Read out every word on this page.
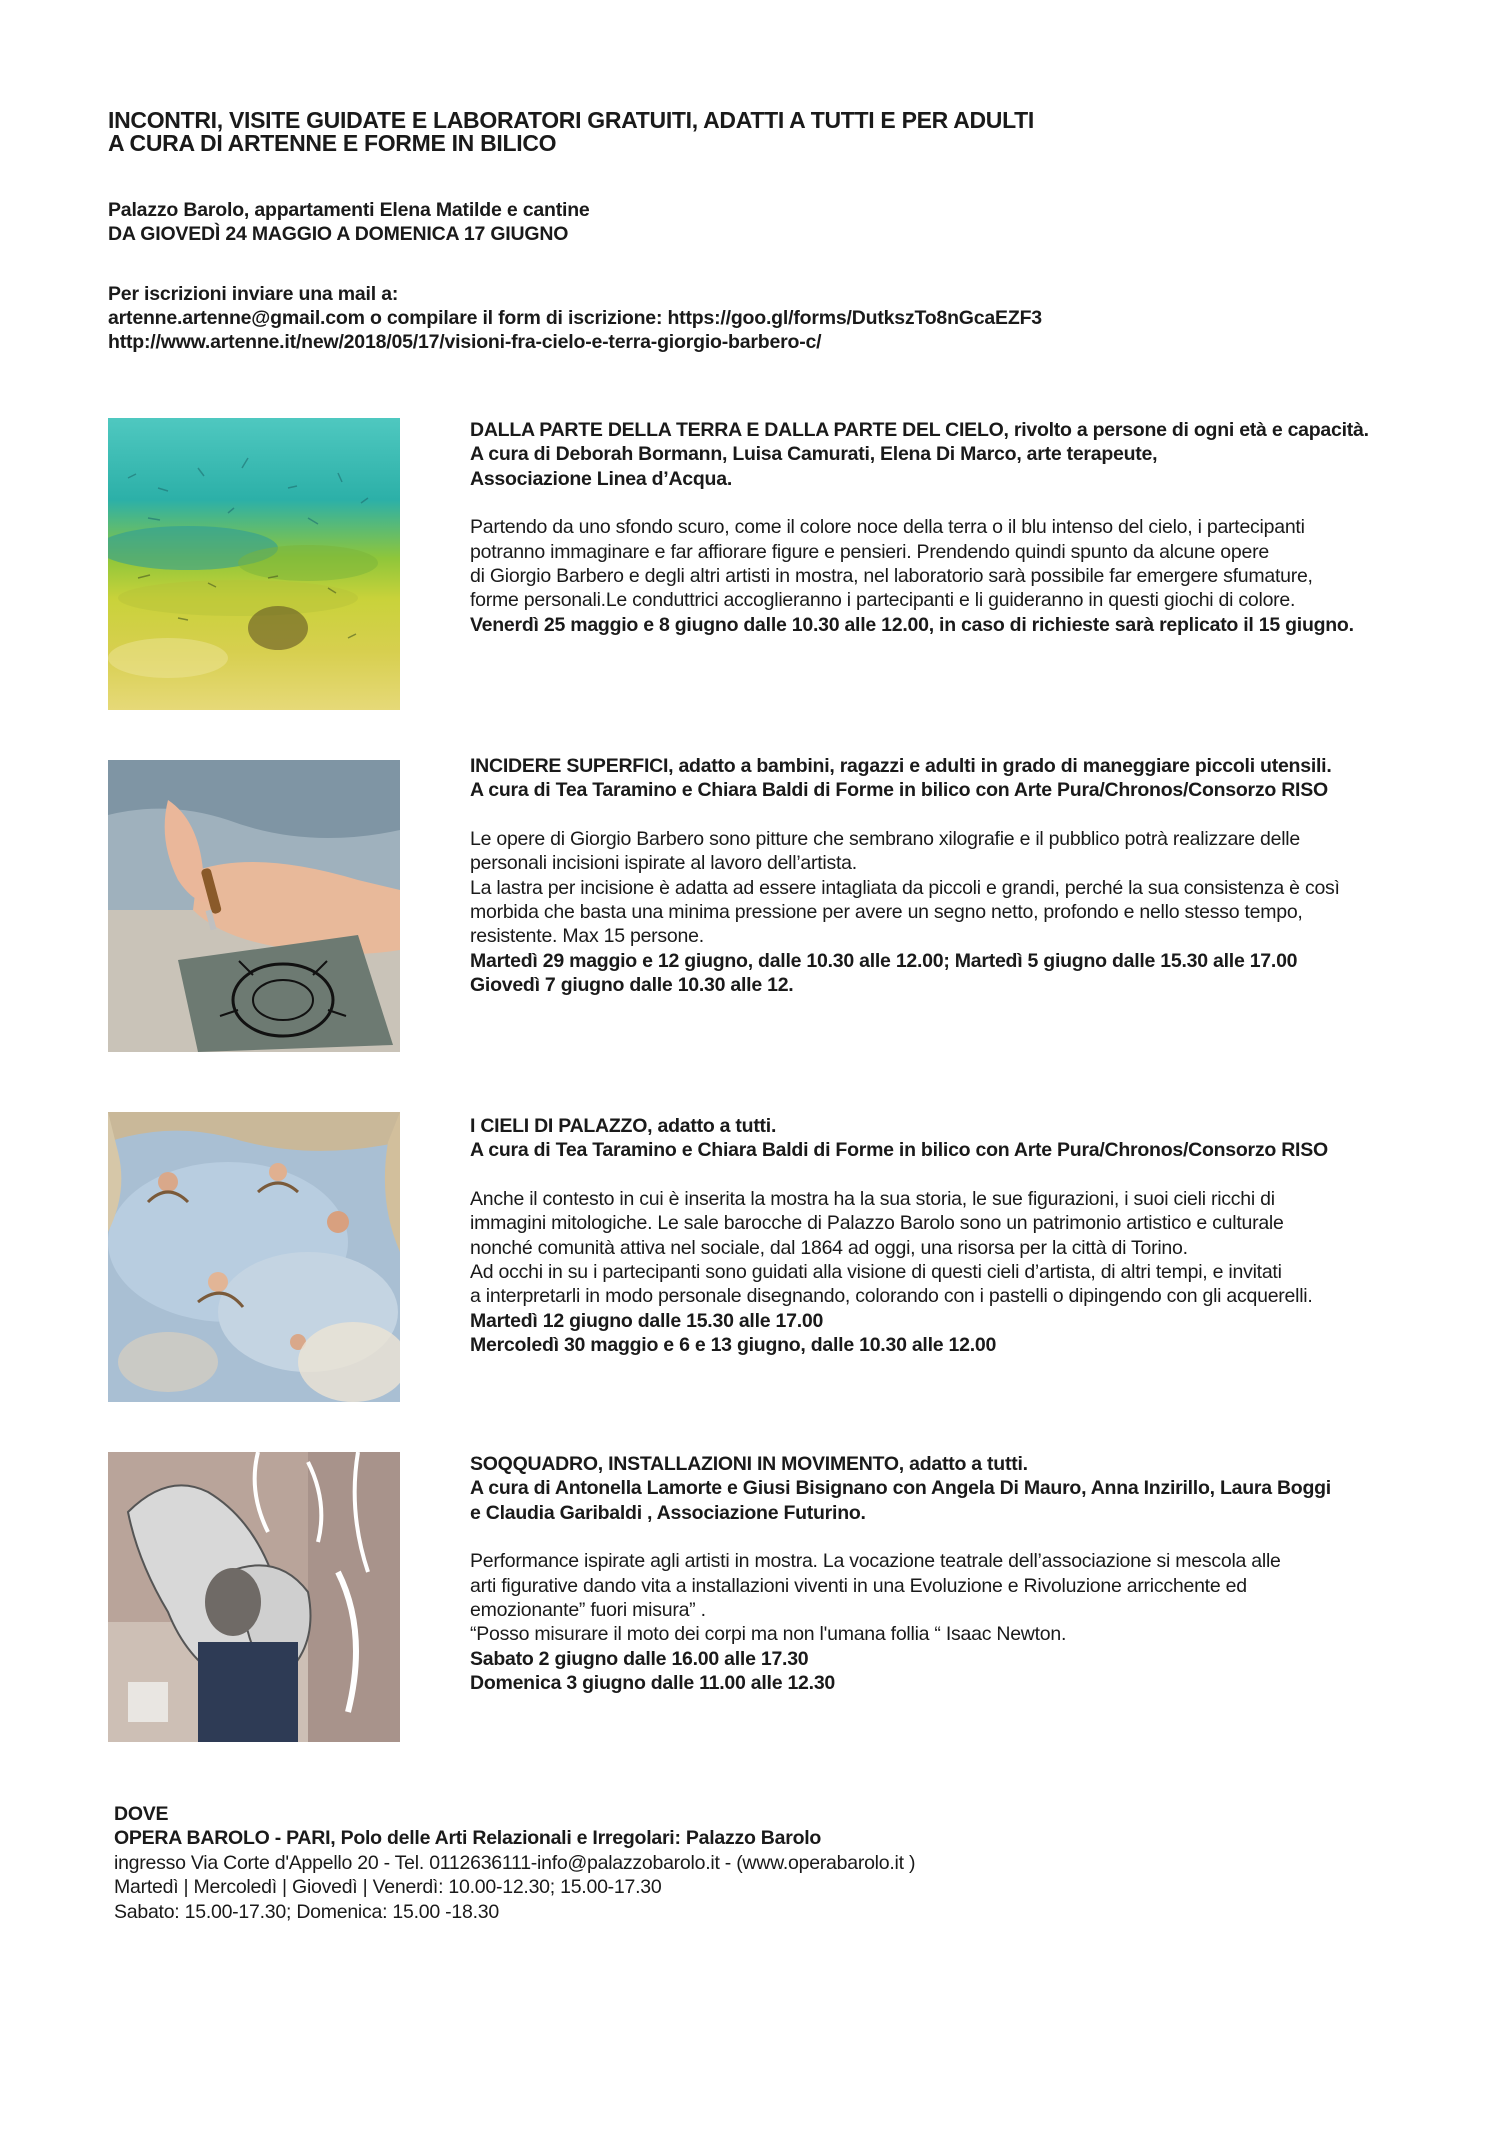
INCONTRI, VISITE GUIDATE E LABORATORI GRATUITI, ADATTI A TUTTI E PER ADULTI
A CURA DI ARTENNE E FORME IN BILICO
Palazzo Barolo, appartamenti Elena Matilde e cantine
DA GIOVEDÌ 24 MAGGIO A DOMENICA 17 GIUGNO
Per iscrizioni inviare una mail a:
artenne.artenne@gmail.com o compilare il form di iscrizione: https://goo.gl/forms/DutkszTo8nGcaEZF3
http://www.artenne.it/new/2018/05/17/visioni-fra-cielo-e-terra-giorgio-barbero-c/
DALLA PARTE DELLA TERRA E DALLA PARTE DEL CIELO, rivolto a persone di ogni età e capacità.
A cura di Deborah Bormann, Luisa Camurati, Elena Di Marco, arte terapeute,
Associazione Linea d’Acqua.
Partendo da uno sfondo scuro, come il colore noce della terra o il blu intenso del cielo, i partecipanti
potranno immaginare e far affiorare figure e pensieri. Prendendo quindi spunto da alcune opere
di Giorgio Barbero e degli altri artisti in mostra, nel laboratorio sarà possibile far emergere sfumature,
forme personali.Le conduttrici accoglieranno i partecipanti e li guideranno in questi giochi di colore.
Venerdì 25 maggio e 8 giugno dalle 10.30 alle 12.00, in caso di richieste sarà replicato il 15 giugno.
INCIDERE SUPERFICI, adatto a bambini, ragazzi e adulti in grado di maneggiare piccoli utensili.
A cura di Tea Taramino e Chiara Baldi di Forme in bilico con Arte Pura/Chronos/Consorzo RISO
Le opere di Giorgio Barbero sono pitture che sembrano xilografie e il pubblico potrà realizzare delle
personali incisioni ispirate al lavoro dell’artista.
La lastra per incisione è adatta ad essere intagliata da piccoli e grandi, perché la sua consistenza è così
morbida che basta una minima pressione per avere un segno netto, profondo e nello stesso tempo,
resistente. Max 15 persone.
Martedì 29 maggio e 12 giugno, dalle 10.30 alle 12.00; Martedì 5 giugno dalle 15.30 alle 17.00
Giovedì 7 giugno dalle 10.30 alle 12.
I CIELI DI PALAZZO, adatto a tutti.
A cura di Tea Taramino e Chiara Baldi di Forme in bilico con Arte Pura/Chronos/Consorzo RISO
Anche il contesto in cui è inserita la mostra ha la sua storia, le sue figurazioni, i suoi cieli ricchi di
immagini mitologiche. Le sale barocche di Palazzo Barolo sono un patrimonio artistico e culturale
nonché comunità attiva nel sociale, dal 1864 ad oggi, una risorsa per la città di Torino.
Ad occhi in su i partecipanti sono guidati alla visione di questi cieli d’artista, di altri tempi, e invitati
a interpretarli in modo personale disegnando, colorando con i pastelli o dipingendo con gli acquerelli.
Martedì 12 giugno dalle 15.30 alle 17.00
Mercoledì 30 maggio e 6 e 13 giugno, dalle 10.30 alle 12.00
SOQQUADRO, INSTALLAZIONI IN MOVIMENTO, adatto a tutti.
A cura di Antonella Lamorte e Giusi Bisignano con Angela Di Mauro, Anna Inzirillo, Laura Boggi
e Claudia Garibaldi , Associazione Futurino.
Performance ispirate agli artisti in mostra. La vocazione teatrale dell’associazione si mescola alle
arti figurative dando vita a installazioni viventi in una Evoluzione e Rivoluzione arricchente ed
emozionante” fuori misura” .
“Posso misurare il moto dei corpi ma non l'umana follia “ Isaac Newton.
Sabato 2 giugno dalle 16.00 alle 17.30
Domenica 3 giugno dalle 11.00 alle 12.30
DOVE
OPERA BAROLO - PARI, Polo delle Arti Relazionali e Irregolari: Palazzo Barolo
ingresso Via Corte d'Appello 20 - Tel. 0112636111-info@palazzobarolo.it - (www.operabarolo.it )
Martedì | Mercoledì | Giovedì | Venerdì: 10.00-12.30; 15.00-17.30
Sabato: 15.00-17.30; Domenica: 15.00 -18.30
